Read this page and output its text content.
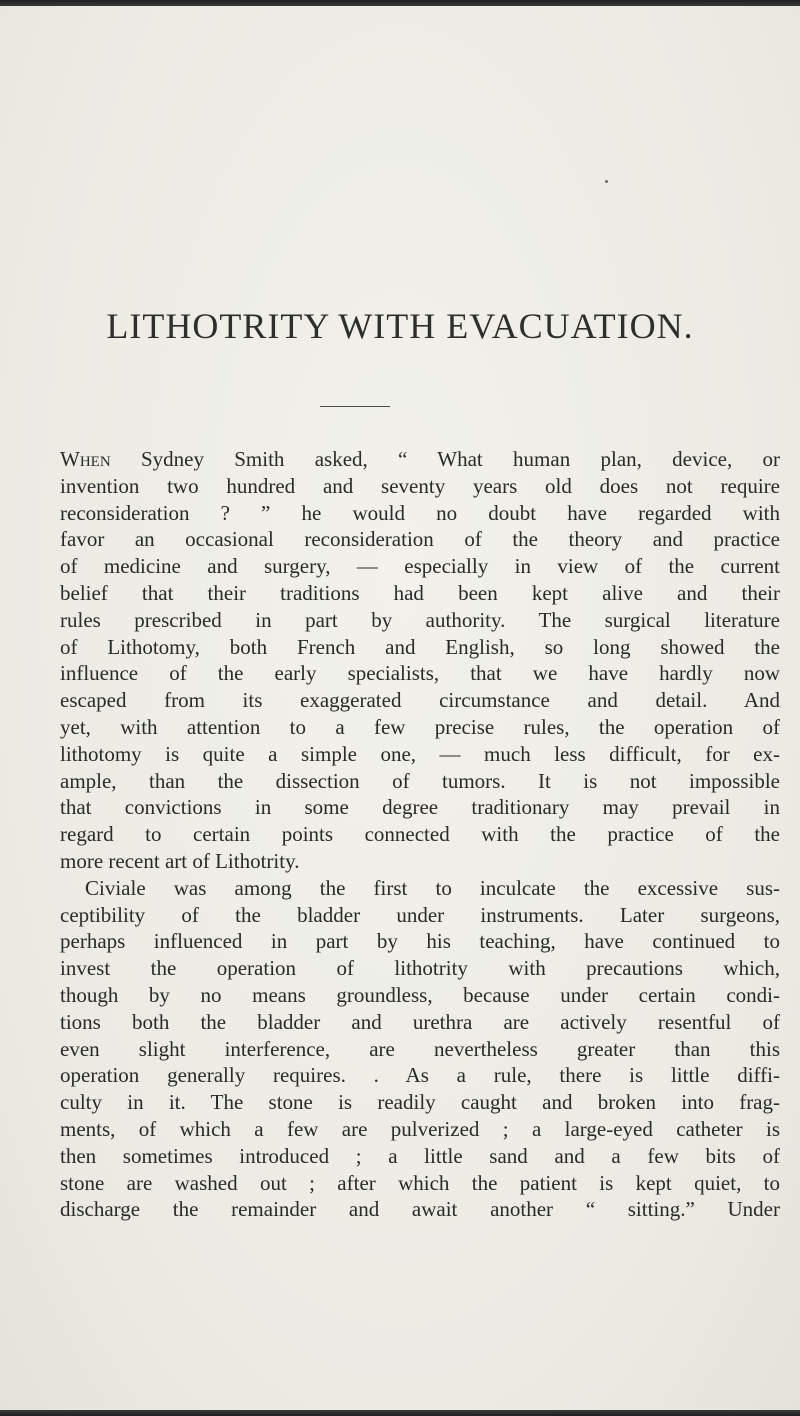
LITHOTRITY WITH EVACUATION.
When Sydney Smith asked, “ What human plan, device, or
invention two hundred and seventy years old does not require
reconsideration ? ” he would no doubt have regarded with
favor an occasional reconsideration of the theory and practice
of medicine and surgery, — especially in view of the current
belief that their traditions had been kept alive and their
rules prescribed in part by authority. The surgical literature
of Lithotomy, both French and English, so long showed the
influence of the early specialists, that we have hardly now
escaped from its exaggerated circumstance and detail. And
yet, with attention to a few precise rules, the operation of
lithotomy is quite a simple one, — much less difficult, for ex-
ample, than the dissection of tumors. It is not impossible
that convictions in some degree traditionary may prevail in
regard to certain points connected with the practice of the
more recent art of Lithotrity.
Civiale was among the first to inculcate the excessive sus-
ceptibility of the bladder under instruments. Later surgeons,
perhaps influenced in part by his teaching, have continued to
invest the operation of lithotrity with precautions which,
though by no means groundless, because under certain condi-
tions both the bladder and urethra are actively resentful of
even slight interference, are nevertheless greater than this
operation generally requires. . As a rule, there is little diffi-
culty in it. The stone is readily caught and broken into frag-
ments, of which a few are pulverized ; a large-eyed catheter is
then sometimes introduced ; a little sand and a few bits of
stone are washed out ; after which the patient is kept quiet, to
discharge the remainder and await another “ sitting.” Under
